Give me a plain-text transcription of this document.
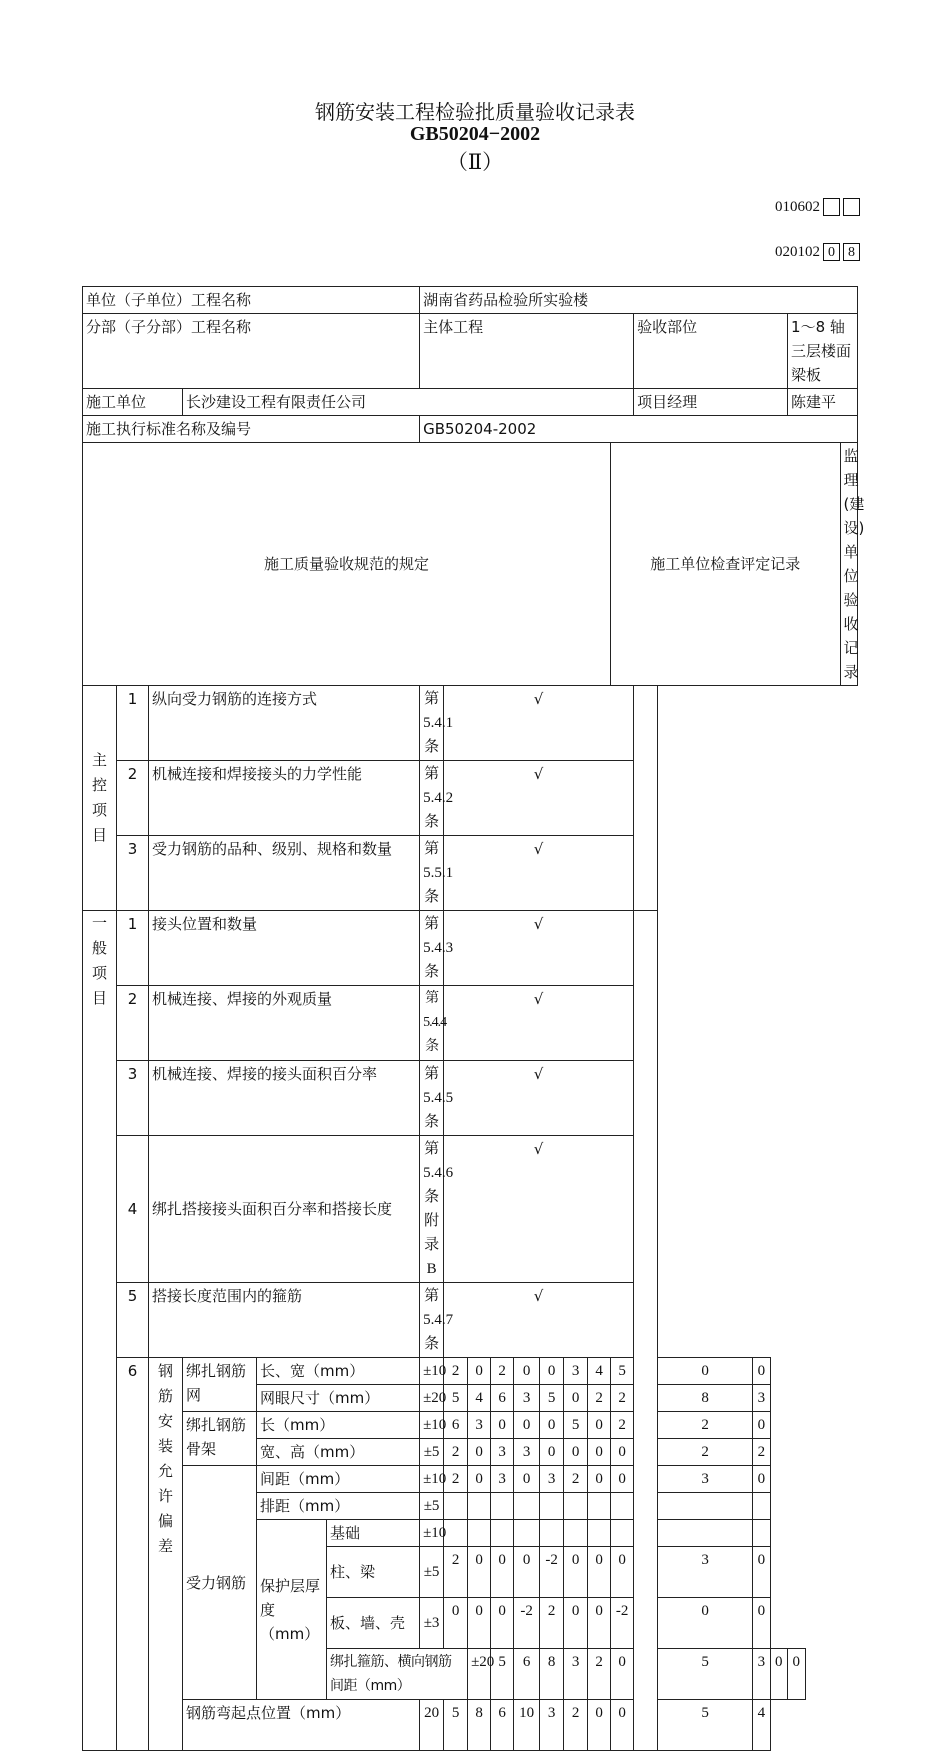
钢筋安装工程检验批质量验收记录表
GB50204−2002
（Ⅱ）
010602
020102 0 8
单位（子单位）工程名称						湖南省药品检验所实验楼														
分部（子分部）工程名称						主体工程									验收部位				1～8 轴三层楼面梁板	
施工单位			长沙建设工程有限责任公司												项目经理				陈建平	
施工执行标准名称及编号						GB50204-2002														
施工质量验收规范的规定														施工单位检查评定记录						监理(建设)单位验收记录
主控项目	1	纵向受力钢筋的连接方式				第 5.4.1 条	√													
	2	机械连接和焊接接头的力学性能				第 5.4.2 条	√													
	3	受力钢筋的品种、级别、规格和数量				第 5.5.1 条	√													
一般项目	1	接头位置和数量				第 5.4.3 条	√													
	2	机械连接、焊接的外观质量				第 5.4.4 条	√													
	3	机械连接、焊接的接头面积百分率				第 5.4.5 条	√													
	4	绑扎搭接接头面积百分率和搭接长度				第 5.4.6 条 附录 B	√													
	5	搭接长度范围内的箍筋				第 5.4.7 条	√													
	6	钢筋安装允许偏差	绑扎钢筋网	长、宽（mm）		±10	2	0	2	0	0	3	4	5		0	0			
				网眼尺寸（mm）		±20	5	4	6	3	5	0	2	2		8	3			
			绑扎钢筋骨架	长（mm）		±10	6	3	0	0	0	5	0	2		2	0			
				宽、高（mm）		±5	2	0	3	3	0	0	0	0		2	2			
			受力钢筋	间距（mm）		±10	2	0	3	0	3	2	0	0		3	0			
				排距（mm）		±5														
				保护层厚　度（mm）	基础	±10														
					柱、梁	±5	2	0	0	0	-2	0	0	0		3	0			
					板、墙、壳	±3	0	0	0	-2	2	0	0	-2		0	0			
					绑扎箍筋、横向钢筋间距（mm）			±20	5	6	8	3	2	0		5	3	0	0	
			钢筋弯起点位置（mm）			20	5	8	6	10	3	2	0	0		5	4			
